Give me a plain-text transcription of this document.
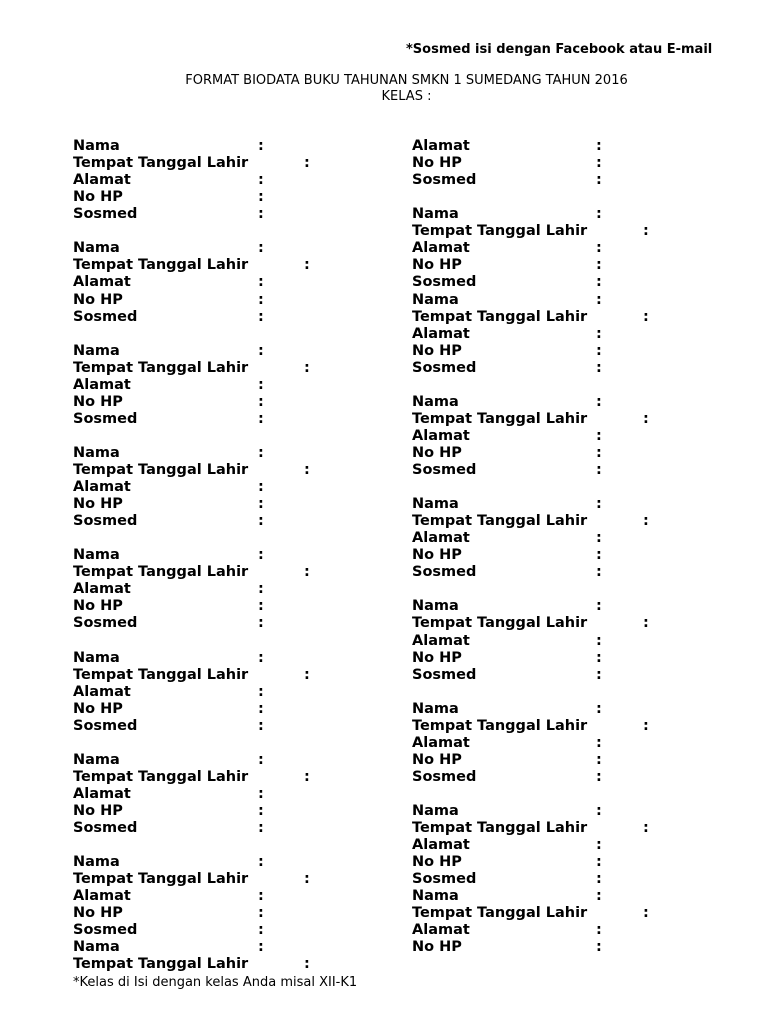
*Sosmed isi dengan Facebook atau E-mail
FORMAT BIODATA BUKU TAHUNAN SMKN 1 SUMEDANG TAHUN 2016
KELAS :
Nama	:
Tempat Tanggal Lahir	:
Alamat	:
No HP	:
Sosmed	:
Nama	:
Tempat Tanggal Lahir	:
Alamat	:
No HP	:
Sosmed	:
Nama	:
Tempat Tanggal Lahir	:
Alamat	:
No HP	:
Sosmed	:
Nama	:
Tempat Tanggal Lahir	:
Alamat	:
No HP	:
Sosmed	:
Nama	:
Tempat Tanggal Lahir	:
Alamat	:
No HP	:
Sosmed	:
Nama	:
Tempat Tanggal Lahir	:
Alamat	:
No HP	:
Sosmed	:
Nama	:
Tempat Tanggal Lahir	:
Alamat	:
No HP	:
Sosmed	:
Nama	:
Tempat Tanggal Lahir	:
Alamat	:
No HP	:
Sosmed	:
Nama	:
Tempat Tanggal Lahir	:
Alamat	:
No HP	:
Sosmed	:
Nama	:
Tempat Tanggal Lahir	:
Alamat	:
No HP	:
Sosmed	:
Nama	:
Tempat Tanggal Lahir	:
Alamat	:
No HP	:
Sosmed	:
Nama	:
Tempat Tanggal Lahir	:
Alamat	:
No HP	:
Sosmed	:
Nama	:
Tempat Tanggal Lahir	:
Alamat	:
No HP	:
Sosmed	:
Nama	:
Tempat Tanggal Lahir	:
Alamat	:
No HP	:
Sosmed	:
Nama	:
Tempat Tanggal Lahir	:
Alamat	:
No HP	:
Sosmed	:
Nama	:
Tempat Tanggal Lahir	:
Alamat	:
No HP	:
Sosmed	:
Nama	:
Tempat Tanggal Lahir	:
Alamat	:
No HP	:
*Kelas di Isi dengan kelas Anda misal XII-K1
